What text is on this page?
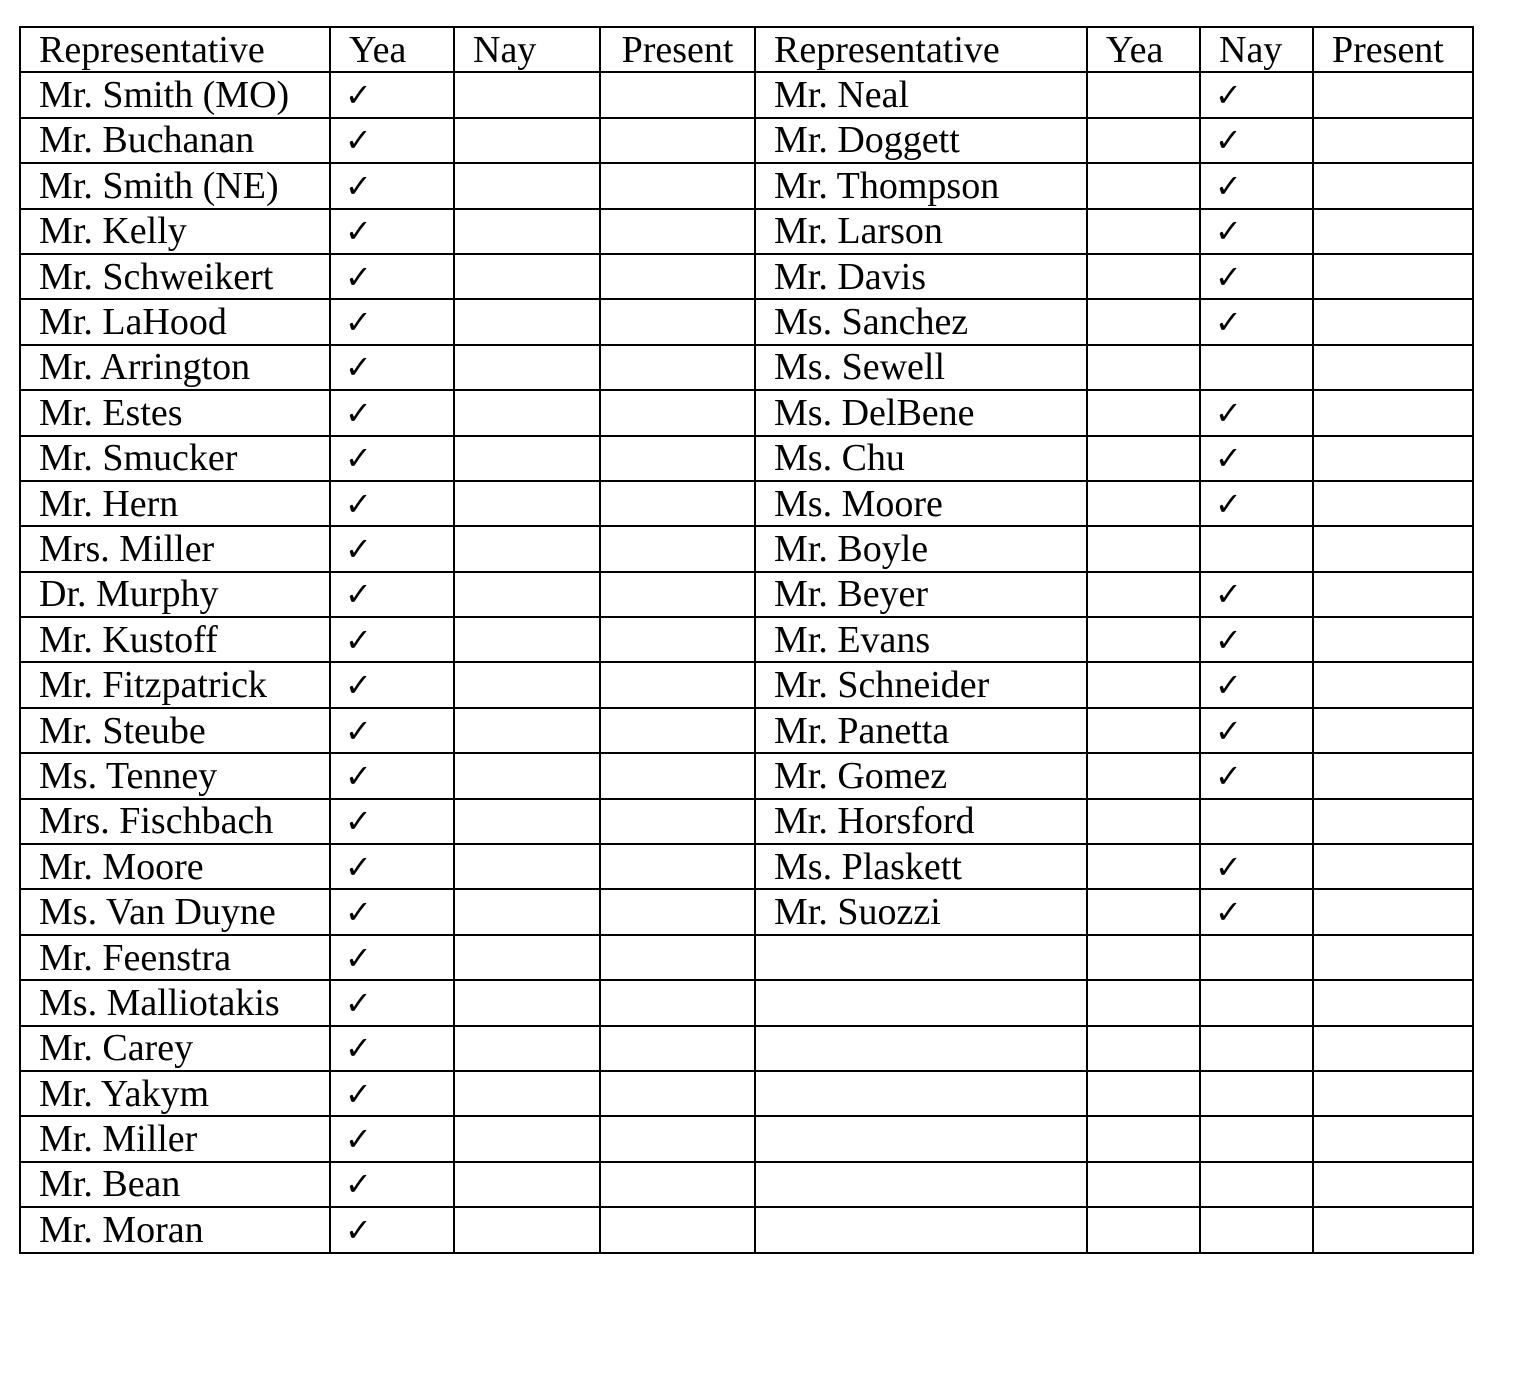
Representative	Yea	Nay	Present	Representative	Yea	Nay	Present
Mr. Smith (MO)	✓			Mr. Neal		✓	
Mr. Buchanan	✓			Mr. Doggett		✓	
Mr. Smith (NE)	✓			Mr. Thompson		✓	
Mr. Kelly	✓			Mr. Larson		✓	
Mr. Schweikert	✓			Mr. Davis		✓	
Mr. LaHood	✓			Ms. Sanchez		✓	
Mr. Arrington	✓			Ms. Sewell			
Mr. Estes	✓			Ms. DelBene		✓	
Mr. Smucker	✓			Ms. Chu		✓	
Mr. Hern	✓			Ms. Moore		✓	
Mrs. Miller	✓			Mr. Boyle			
Dr. Murphy	✓			Mr. Beyer		✓	
Mr. Kustoff	✓			Mr. Evans		✓	
Mr. Fitzpatrick	✓			Mr. Schneider		✓	
Mr. Steube	✓			Mr. Panetta		✓	
Ms. Tenney	✓			Mr. Gomez		✓	
Mrs. Fischbach	✓			Mr. Horsford			
Mr. Moore	✓			Ms. Plaskett		✓	
Ms. Van Duyne	✓			Mr. Suozzi		✓	
Mr. Feenstra	✓						
Ms. Malliotakis	✓						
Mr. Carey	✓						
Mr. Yakym	✓						
Mr. Miller	✓						
Mr. Bean	✓						
Mr. Moran	✓						
